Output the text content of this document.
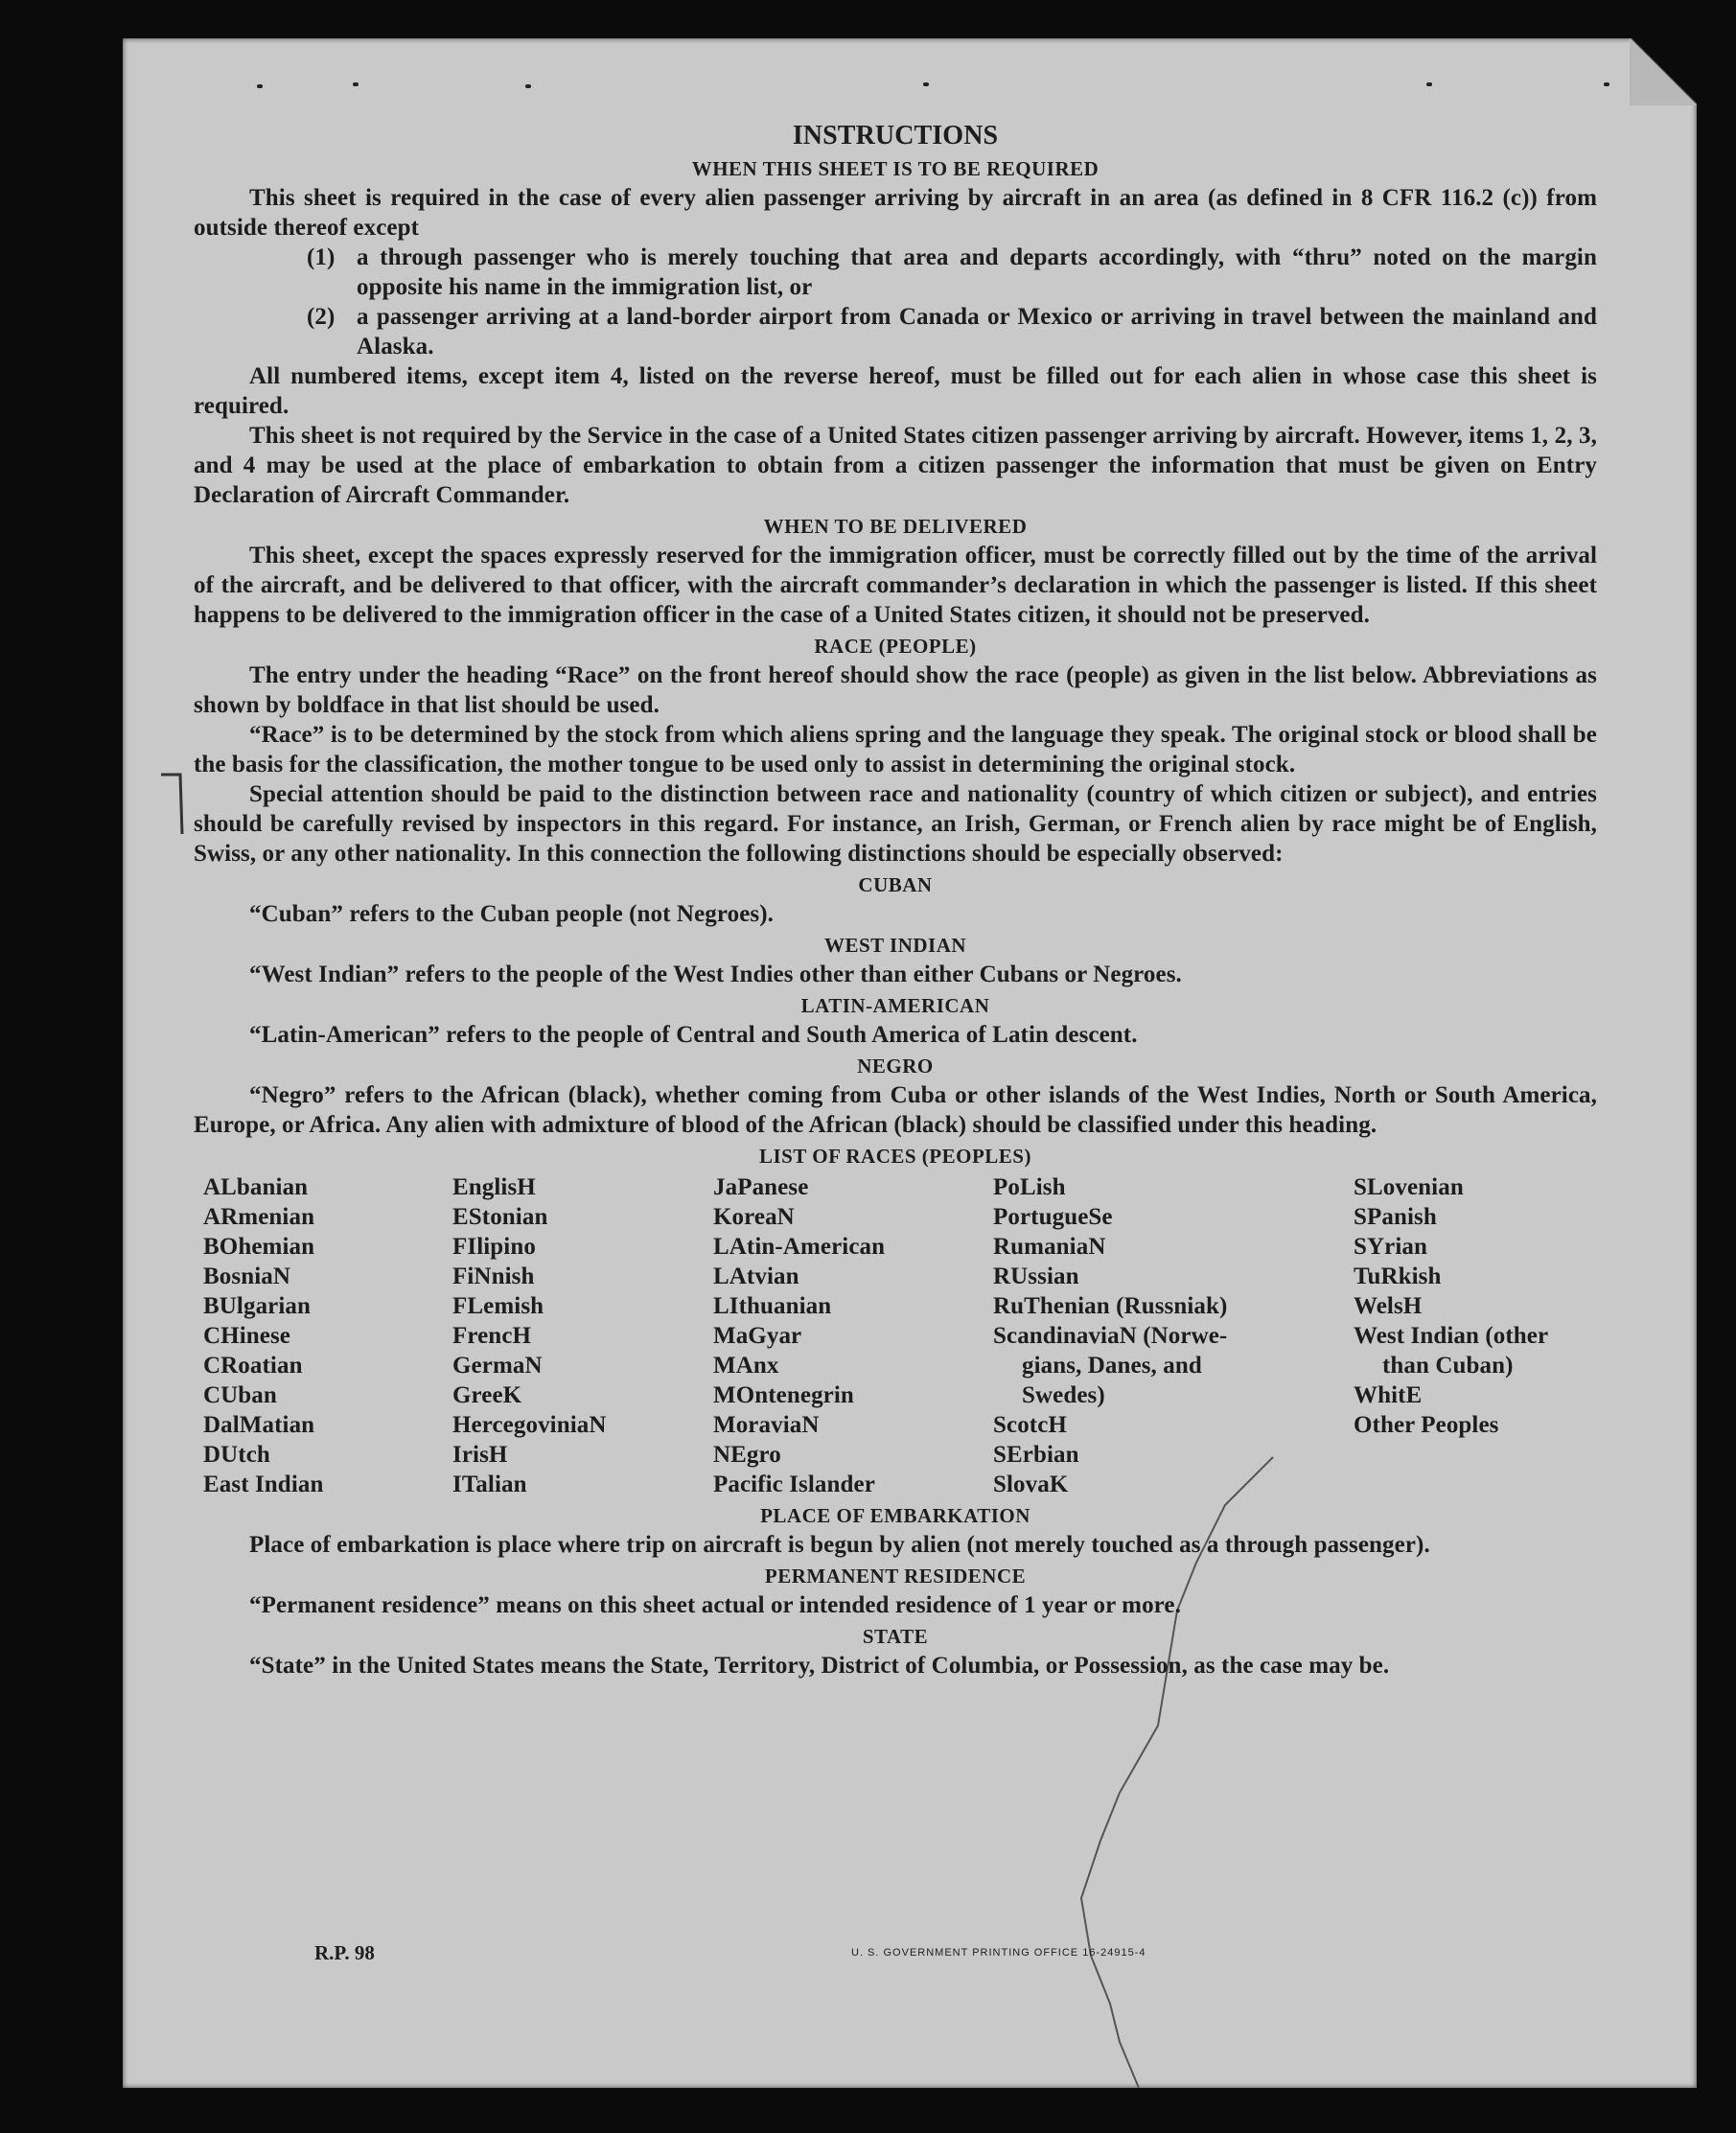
INSTRUCTIONS
WHEN THIS SHEET IS TO BE REQUIRED

This sheet is required in the case of every alien passenger arriving by aircraft in an area (as defined in 8 CFR 116.2 (c)) from outside thereof except

(1) a through passenger who is merely touching that area and departs accordingly, with “thru” noted on the margin opposite his name in the immigration list, or
(2) a passenger arriving at a land-border airport from Canada or Mexico or arriving in travel between the mainland and Alaska.

All numbered items, except item 4, listed on the reverse hereof, must be filled out for each alien in whose case this sheet is required.

This sheet is not required by the Service in the case of a United States citizen passenger arriving by aircraft. However, items 1, 2, 3, and 4 may be used at the place of embarkation to obtain from a citizen passenger the information that must be given on Entry Declaration of Aircraft Commander.

WHEN TO BE DELIVERED

This sheet, except the spaces expressly reserved for the immigration officer, must be correctly filled out by the time of the arrival of the aircraft, and be delivered to that officer, with the aircraft commander’s declaration in which the passenger is listed. If this sheet happens to be delivered to the immigration officer in the case of a United States citizen, it should not be preserved.

RACE (PEOPLE)

The entry under the heading “Race” on the front hereof should show the race (people) as given in the list below. Abbreviations as shown by boldface in that list should be used.

“Race” is to be determined by the stock from which aliens spring and the language they speak. The original stock or blood shall be the basis for the classification, the mother tongue to be used only to assist in determining the original stock.

Special attention should be paid to the distinction between race and nationality (country of which citizen or subject), and entries should be carefully revised by inspectors in this regard. For instance, an Irish, German, or French alien by race might be of English, Swiss, or any other nationality. In this connection the following distinctions should be especially observed:

CUBAN

“Cuban” refers to the Cuban people (not Negroes).

WEST INDIAN

“West Indian” refers to the people of the West Indies other than either Cubans or Negroes.

LATIN-AMERICAN

“Latin-American” refers to the people of Central and South America of Latin descent.

NEGRO

“Negro” refers to the African (black), whether coming from Cuba or other islands of the West Indies, North or South America, Europe, or Africa. Any alien with admixture of blood of the African (black) should be classified under this heading.

LIST OF RACES (PEOPLES)
ALbanian
ARmenian
BOhemian
BosniaN
BUlgarian
CHinese
CRoatian
CUban
DalMatian
DUtch
East Indian
EnglisH
EStonian
FIlipino
FiNnish
FLemish
FrencH
GermaN
GreeK
HercegoviniaN
IrisH
ITalian
JaPanese
KoreaN
LAtin-American
LAtvian
LIthuanian
MaGyar
MAnx
MOntenegrin
MoraviaN
NEgro
Pacific Islander
PoLish
PortugueSe
RumaniaN
RUssian
RuThenian (Russniak)
ScandinaviaN (Norwe-
gians, Danes, and
Swedes)
ScotcH
SErbian
SlovaK
SLovenian
SPanish
SYrian
TuRkish
WelsH
West Indian (other
than Cuban)
WhitE
Other Peoples
PLACE OF EMBARKATION

Place of embarkation is place where trip on aircraft is begun by alien (not merely touched as a through passenger).

PERMANENT RESIDENCE

“Permanent residence” means on this sheet actual or intended residence of 1 year or more.

STATE

“State” in the United States means the State, Territory, District of Columbia, or Possession, as the case may be.

R.P. 98	U. S. GOVERNMENT PRINTING OFFICE 16-24915-4
